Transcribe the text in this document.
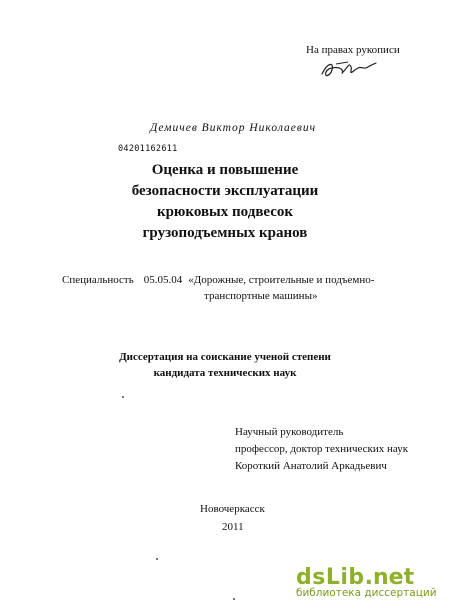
На правах рукописи
Демичев Виктор Николаевич
04201162611
Оценка и повышение
безопасности эксплуатации
крюковых подвесок
грузоподъемных кранов
Специальность 05.05.04 «Дорожные, строительные и подъемно-
транспортные машины»
Диссертация на соискание ученой степени
кандидата технических наук
Научный руководитель
профессор, доктор технических наук
Короткий Анатолий Аркадьевич
Новочеркасск
2011
dsLib .net
библиотека диссертаций
